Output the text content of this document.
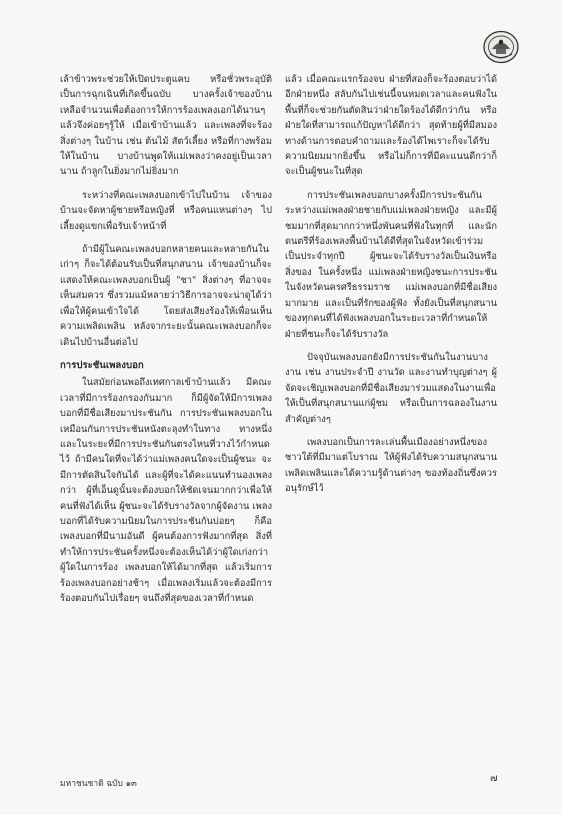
เล้าข้าวพระช่วยให้เปิดประตูแคบ หรือชั่วพระอุบัติ เป็นการฉุกเฉินที่เกิดขึ้นฉบับ บางครั้งเจ้าของบ้านเหลือจำนวนเพื่อต้องการให้การร้องเพลงเอกได้นานๆ แล้วจึงค่อยๆรู้ให้ เมื่อเข้าบ้านแล้ว และเพลงที่จะร้องสิ่งต่างๆ ในบ้าน เช่น ต้นไม้ สัตว์เลี้ยง หรือที่กางพร้อมให้ในบ้าน บางบ้านพูดให้แม่เพลงว่าคงอยู่เป็นเวลานาน ถ้าลูกในยิ่งมากไม่ยิ่งมาก

ระหว่างที่คณะเพลงบอกเข้าไปในบ้าน เจ้าของบ้านจะจัดหาผู้ชายหรือหญิงที่ หรือคนแหนต่างๆ ไปเลี้ยงดูแขกเพื่อรับเจ้าหน้าที่

ถ้ามีผู้ในคณะเพลงบอกหลายคนและหลายกันในเก่าๆ ก็จะได้ต้อนรับเป็นที่สนุกสนาน เจ้าของบ้านก็จะแสดงให้คณะเพลงบอกเป็นผู้ "ชา" สิ่งต่างๆ ที่อาจจะเห็นสมควร ซึ่งรวมแม้หลายว่าวิธีการอาจจะน่าดูได้ว่า เพื่อให้ผู้คนเข้าใจได้ โดยส่งเสียงร้องให้เพื่อนเห็นความเพลิดเพลิน หลังจากระยะนั้นคณะเพลงบอกก็จะเดินไปบ้านอื่นต่อไป

การประชันเพลงบอก

ในสมัยก่อนพอถึงเทศกาลเข้าบ้านแล้ว มีคณะเวลาที่มีการร้องกรองกันมาก ก็มีผู้จัดให้มีการเพลงบอกที่มีชื่อเสียงมาประชันกัน การประชันเพลงบอกในเหมือนกันการประชันหนังตะลุงทำในทาง ทางหนึ่งและในระยะที่มีการประชันกันตรงไหนที่วางไว้กำหนดไว้ ถ้ามีคนใดที่จะได้ว่าแม่เพลงคนใดจะเป็นผู้ชนะ จะมีการตัดสินใจกันได้ และผู้ที่จะได้คะแนนทำนองเพลงกว่า ผู้ที่เอ็นดูนั้นจะต้องบอกให้ชัดเจนมากกว่าเพื่อให้คนที่ฟังได้เห็น ผู้ชนะจะได้รับรางวัลจากผู้จัดงาน เพลงบอกที่ได้รับความนิยมในการประชันกันบ่อยๆ ก็คือเพลงบอกที่มีนามอันดี ผู้คนต้องการฟังมากที่สุด สิ่งที่ทำให้การประชันครั้งหนึ่งจะต้องเห็นได้ว่าผู้ใดเก่งกว่าผู้ใดในการร้อง เพลงบอกให้ได้มากที่สุด แล้วเริ่มการร้องเพลงบอกอย่างช้าๆ เมื่อเพลงเริ่มแล้วจะต้องมีการร้องตอบกันไปเรื่อยๆ จนถึงที่สุดของเวลาที่กำหนด

แล้ว เมื่อคณะแรกร้องจบ ฝ่ายที่สองก็จะร้องตอบว่าได้อีกฝ่ายหนึ่ง สลับกันไปเช่นนี้จนหมดเวลาและคนฟังในพื้นที่ก็จะช่วยกันตัดสินว่าฝ่ายใดร้องได้ดีกว่ากัน หรือฝ่ายใดที่สามารถแก้ปัญหาได้ดีกว่า สุดท้ายผู้ที่มีสมองทางด้านการตอบคำถามและร้องได้ไพเราะก็จะได้รับความนิยมมากยิ่งขึ้น หรือไม่ก็การที่มีคะแนนดีกว่าก็จะเป็นผู้ชนะในที่สุด

การประชันเพลงบอกบางครั้งมีการประชันกันระหว่างแม่เพลงฝ่ายชายกับแม่เพลงฝ่ายหญิง และมีผู้ชมมากที่สุดมากกว่าหนึ่งพันคนที่ฟังในทุกที่ และนักดนตรีที่ร้องเพลงพื้นบ้านได้ดีที่สุดในจังหวัดเข้าร่วมเป็นประจำทุกปี ผู้ชนะจะได้รับรางวัลเป็นเงินหรือสิ่งของ ในครั้งหนึ่ง แม่เพลงฝ่ายหญิงชนะการประชันในจังหวัดนครศรีธรรมราช แม่เพลงบอกที่มีชื่อเสียงมากมาย และเป็นที่รักของผู้ฟัง ทั้งยังเป็นที่สนุกสนานของทุกคนที่ได้ฟังเพลงบอกในระยะเวลาที่กำหนดให้ ฝ่ายที่ชนะก็จะได้รับรางวัล

ปัจจุบันเพลงบอกยังมีการประชันกันในงานบางงาน เช่น งานประจำปี งานวัด และงานทำบุญต่างๆ ผู้จัดจะเชิญเพลงบอกที่มีชื่อเสียงมาร่วมแสดงในงานเพื่อให้เป็นที่สนุกสนานแก่ผู้ชม หรือเป็นการฉลองในงานสำคัญต่างๆ

เพลงบอกเป็นการละเล่นพื้นเมืองอย่างหนึ่งของชาวใต้ที่มีมาแต่โบราณ ให้ผู้ฟังได้รับความสนุกสนานเพลิดเพลินและได้ความรู้ด้านต่างๆ ของท้องถิ่นซึ่งควรอนุรักษ์ไว้

มหาชนชาติ ฉบับ ๑๓	๗
